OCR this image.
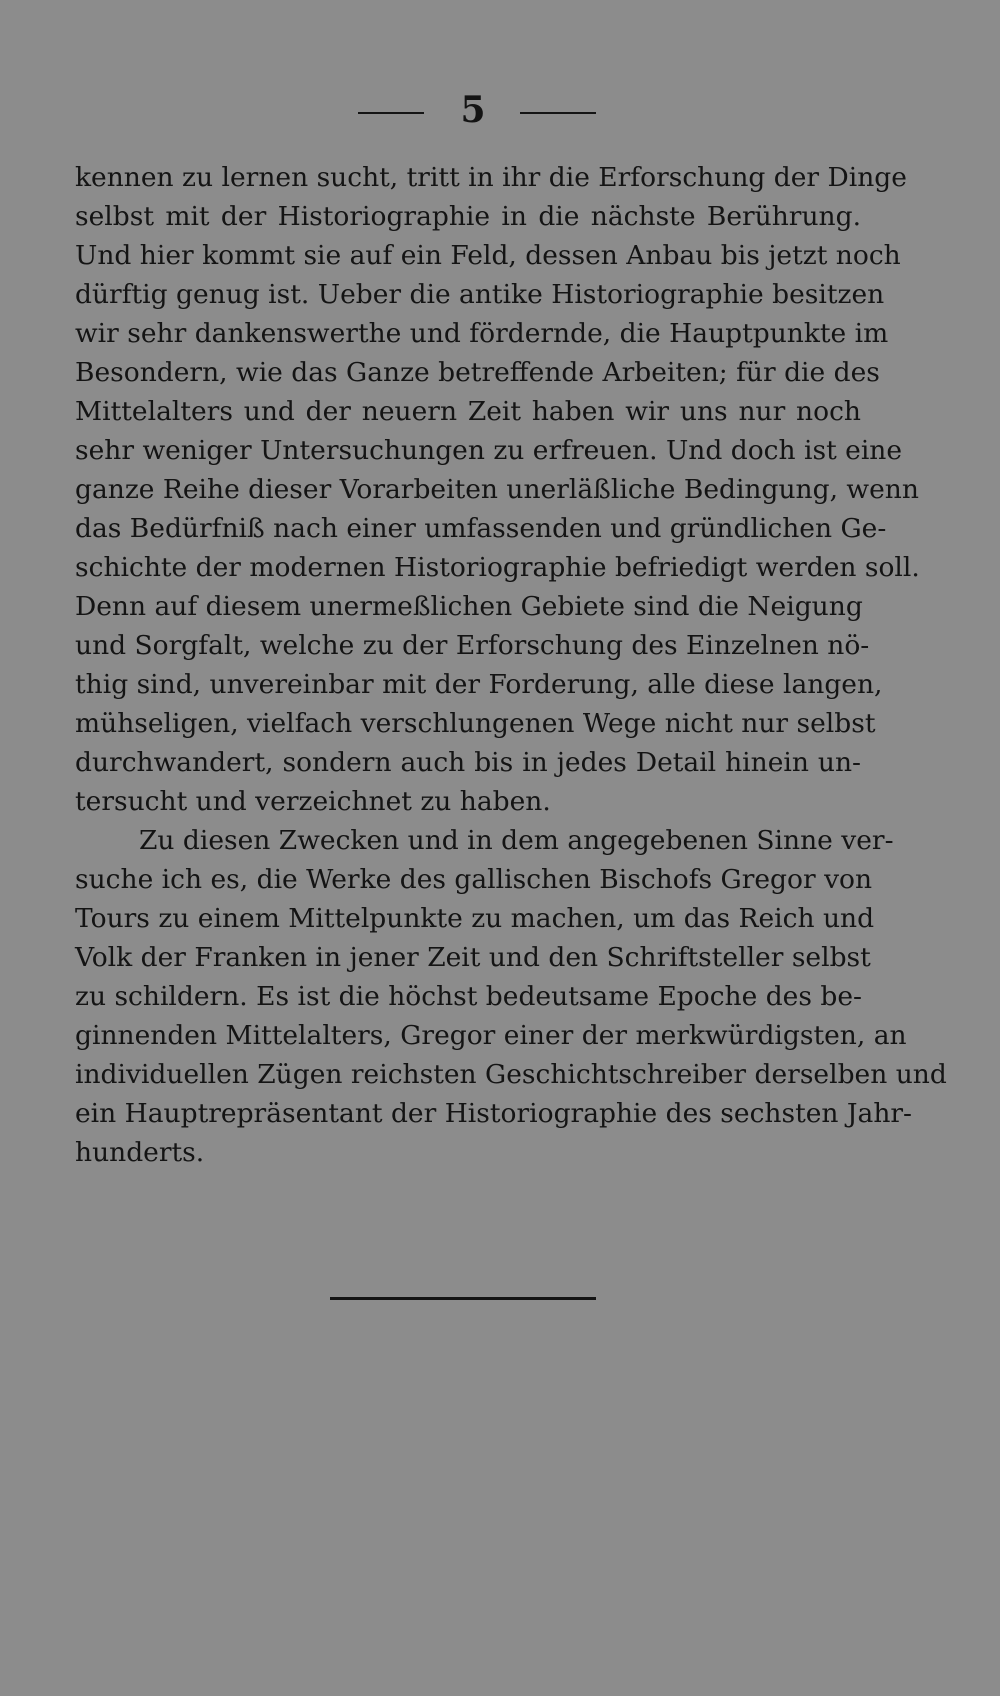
5
kennen zu lernen sucht, tritt in ihr die Erforschung der Dinge
selbst mit der Historiographie in die nächste Berührung.
Und hier kommt sie auf ein Feld, dessen Anbau bis jetzt noch
dürftig genug ist. Ueber die antike Historiographie besitzen
wir sehr dankenswerthe und fördernde, die Hauptpunkte im
Besondern, wie das Ganze betreffende Arbeiten; für die des
Mittelalters und der neuern Zeit haben wir uns nur noch
sehr weniger Untersuchungen zu erfreuen. Und doch ist eine
ganze Reihe dieser Vorarbeiten unerläßliche Bedingung, wenn
das Bedürfniß nach einer umfassenden und gründlichen Ge-
schichte der modernen Historiographie befriedigt werden soll.
Denn auf diesem unermeßlichen Gebiete sind die Neigung
und Sorgfalt, welche zu der Erforschung des Einzelnen nö-
thig sind, unvereinbar mit der Forderung, alle diese langen,
mühseligen, vielfach verschlungenen Wege nicht nur selbst
durchwandert, sondern auch bis in jedes Detail hinein un-
tersucht und verzeichnet zu haben.
Zu diesen Zwecken und in dem angegebenen Sinne ver-
suche ich es, die Werke des gallischen Bischofs Gregor von
Tours zu einem Mittelpunkte zu machen, um das Reich und
Volk der Franken in jener Zeit und den Schriftsteller selbst
zu schildern. Es ist die höchst bedeutsame Epoche des be-
ginnenden Mittelalters, Gregor einer der merkwürdigsten, an
individuellen Zügen reichsten Geschichtschreiber derselben und
ein Hauptrepräsentant der Historiographie des sechsten Jahr-
hunderts.
